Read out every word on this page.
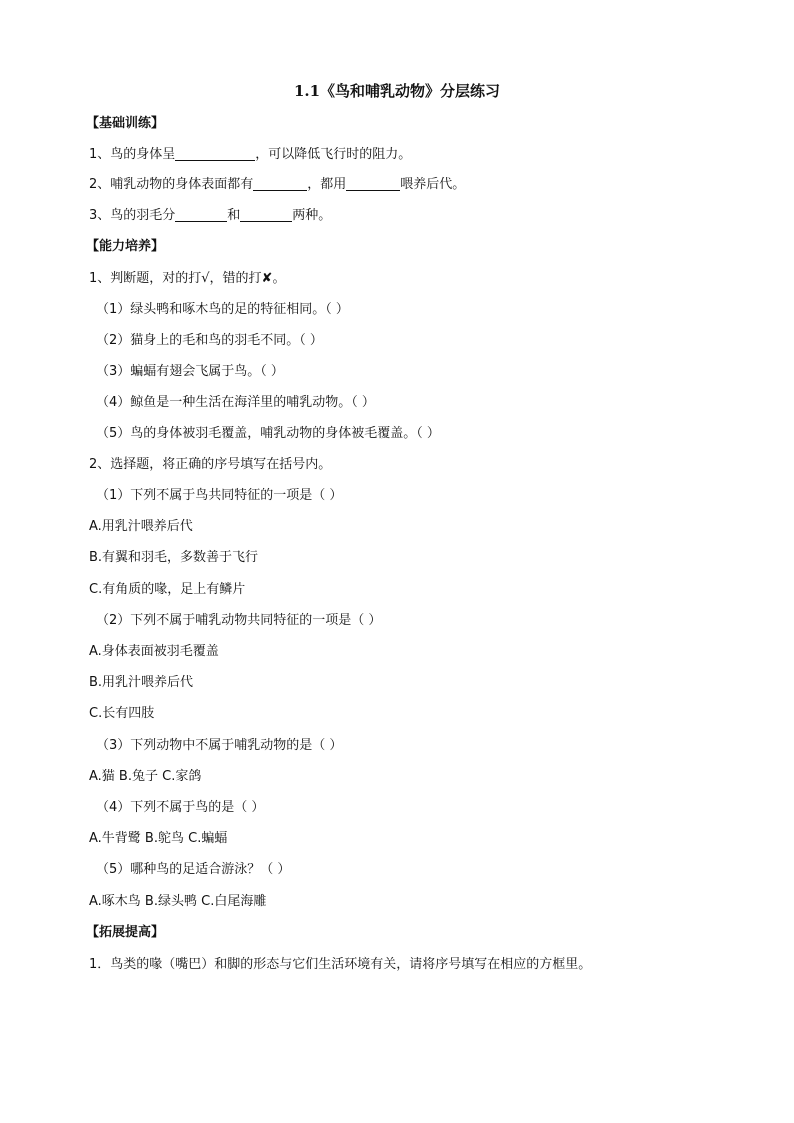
1.1《鸟和哺乳动物》分层练习
【基础训练】
1、鸟的身体呈	，可以降低飞行时的阻力。
2、哺乳动物的身体表面都有	，都用	喂养后代。
3、鸟的羽毛分	和	两种。
【能力培养】
1、判断题，对的打√，错的打✘。
（1）绿头鸭和啄木鸟的足的特征相同。（ ）
（2）猫身上的毛和鸟的羽毛不同。（ ）
（3）蝙蝠有翅会飞属于鸟。（ ）
（4）鲸鱼是一种生活在海洋里的哺乳动物。（ ）
（5）鸟的身体被羽毛覆盖，哺乳动物的身体被毛覆盖。（ ）
2、选择题，将正确的序号填写在括号内。
（1）下列不属于鸟共同特征的一项是（ ）
A.用乳汁喂养后代
B.有翼和羽毛，多数善于飞行
C.有角质的喙，足上有鳞片
（2）下列不属于哺乳动物共同特征的一项是（ ）
A.身体表面被羽毛覆盖
B.用乳汁喂养后代
C.长有四肢
（3）下列动物中不属于哺乳动物的是（ ）
A.猫 B.兔子 C.家鸽
（4）下列不属于鸟的是（ ）
A.牛背鹭 B.鸵鸟 C.蝙蝠
（5）哪种鸟的足适合游泳？（ ）
A.啄木鸟 B.绿头鸭 C.白尾海雕
【拓展提高】
1．鸟类的喙（嘴巴）和脚的形态与它们生活环境有关，请将序号填写在相应的方框里。
